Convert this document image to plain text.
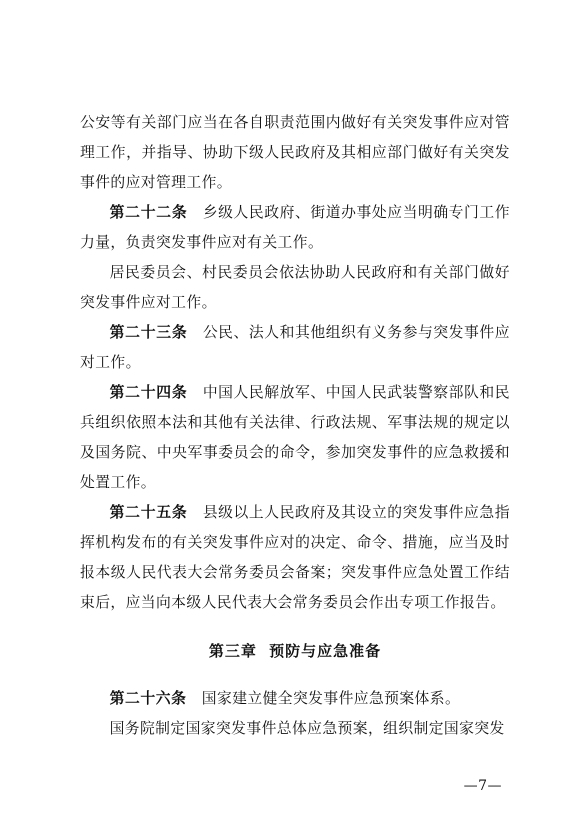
公安等有关部门应当在各自职责范围内做好有关突发事件应对管理工作，并指导、协助下级人民政府及其相应部门做好有关突发事件的应对管理工作。

第二十二条　 乡级人民政府、街道办事处应当明确专门工作力量，负责突发事件应对有关工作。

居民委员会、村民委员会依法协助人民政府和有关部门做好突发事件应对工作。

第二十三条　 公民、法人和其他组织有义务参与突发事件应对工作。

第二十四条　 中国人民解放军、中国人民武装警察部队和民兵组织依照本法和其他有关法律、行政法规、军事法规的规定以及国务院、中央军事委员会的命令，参加突发事件的应急救援和处置工作。

第二十五条　 县级以上人民政府及其设立的突发事件应急指挥机构发布的有关突发事件应对的决定、命令、措施，应当及时报本级人民代表大会常务委员会备案；突发事件应急处置工作结束后，应当向本级人民代表大会常务委员会作出专项工作报告。

第三章 预防与应急准备

第二十六条　 国家建立健全突发事件应急预案体系。

国务院制定国家突发事件总体应急预案，组织制定国家突发

—7—
